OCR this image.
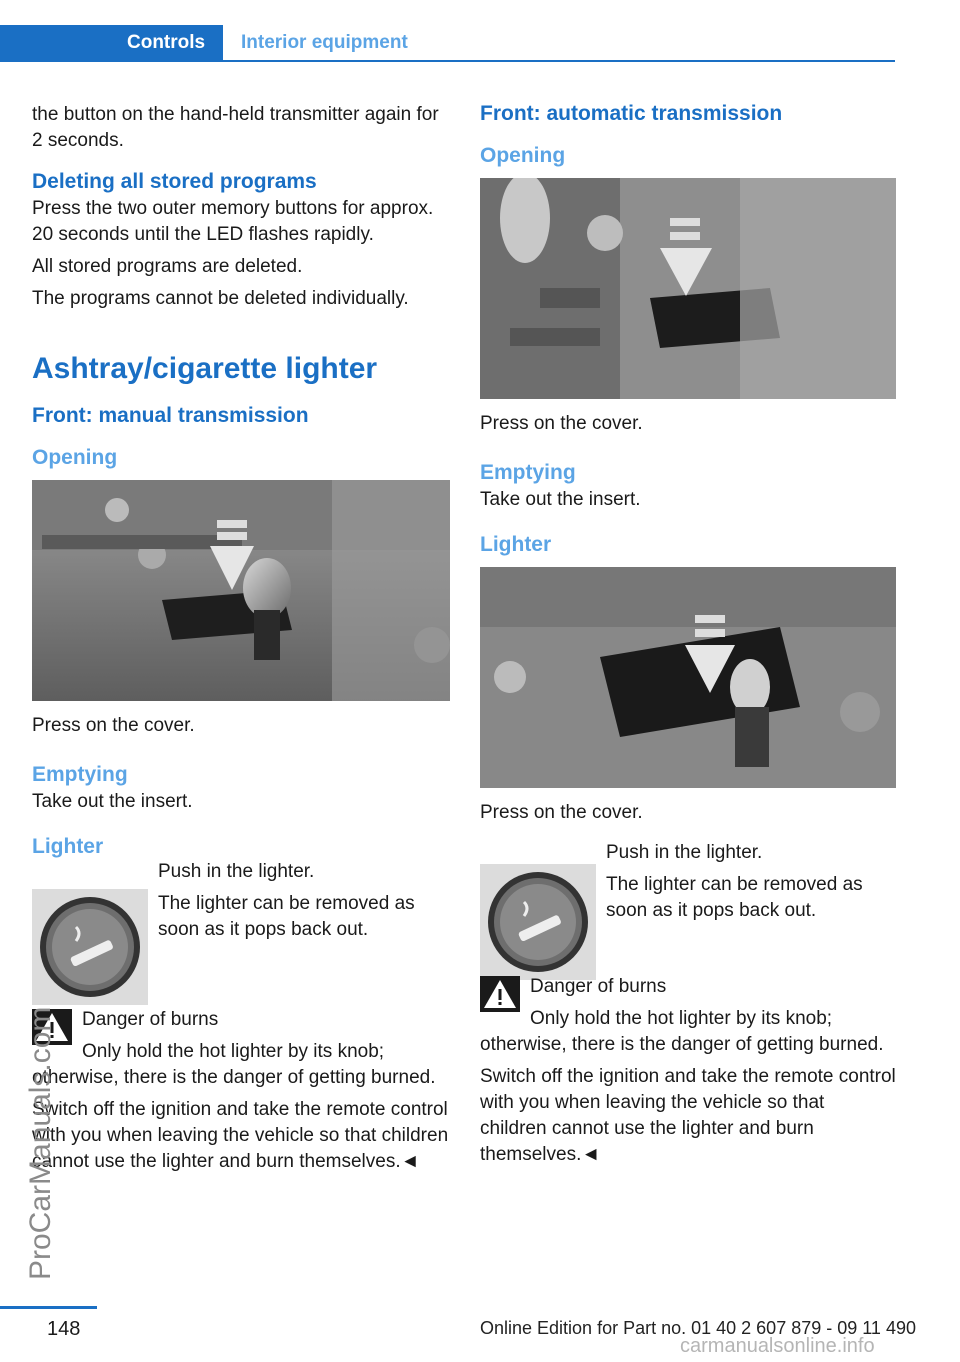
Controls	Interior equipment

the button on the hand-held transmitter again for 2 seconds.

Deleting all stored programs

Press the two outer memory buttons for approx. 20 seconds until the LED flashes rapidly.

All stored programs are deleted.

The programs cannot be deleted individually.

Ashtray/cigarette lighter
Front: manual transmission
Opening

Press on the cover.

Emptying

Take out the insert.

Lighter

Push in the lighter.

The lighter can be removed as soon as it pops back out.

Danger of burns

Only hold the hot lighter by its knob; otherwise, there is the danger of getting burned.

Switch off the ignition and take the remote control with you when leaving the vehicle so that children cannot use the lighter and burn themselves.◄

Front: automatic transmission
Opening

Press on the cover.

Emptying

Take out the insert.

Lighter

Press on the cover.

Push in the lighter.

The lighter can be removed as soon as it pops back out.

Danger of burns

Only hold the hot lighter by its knob; otherwise, there is the danger of getting burned.

Switch off the ignition and take the remote control with you when leaving the vehicle so that children cannot use the lighter and burn themselves.◄

ProCarManuals.com
148	Online Edition for Part no. 01 40 2 607 879 - 09 11 490
carmanualsonline.info
